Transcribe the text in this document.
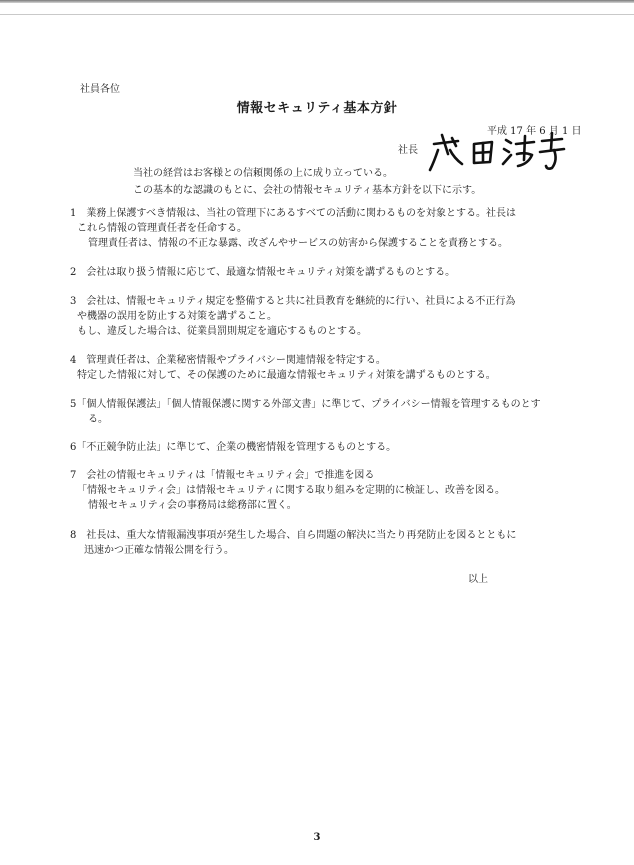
社員各位
情報セキュリティ基本方針
平成 17 年 6 月 1 日
社長
当社の経営はお客様との信頼関係の上に成り立っている。
この基本的な認識のもとに、会社の情報セキュリティ基本方針を以下に示す。
1　業務上保護すべき情報は、当社の管理下にあるすべての活動に関わるものを対象とする。社長は
これら情報の管理責任者を任命する。
管理責任者は、情報の不正な暴露、改ざんやサービスの妨害から保護することを責務とする。
2　会社は取り扱う情報に応じて、最適な情報セキュリティ対策を講ずるものとする。
3　会社は、情報セキュリティ規定を整備すると共に社員教育を継続的に行い、社員による不正行為
や機器の誤用を防止する対策を講ずること。
もし、違反した場合は、従業員罰則規定を適応するものとする。
4　管理責任者は、企業秘密情報やプライバシー関連情報を特定する。
特定した情報に対して、その保護のために最適な情報セキュリティ対策を講ずるものとする。
5「個人情報保護法」「個人情報保護に関する外部文書」に準じて、プライバシー情報を管理するものとす
る。
6「不正競争防止法」に準じて、企業の機密情報を管理するものとする。
7　会社の情報セキュリティは「情報セキュリティ会」で推進を図る
「情報セキュリティ会」は情報セキュリティに関する取り組みを定期的に検証し、改善を図る。
情報セキュリティ会の事務局は総務部に置く。
8　社長は、重大な情報漏洩事項が発生した場合、自ら問題の解決に当たり再発防止を図るとともに
迅速かつ正確な情報公開を行う。
以上
3
